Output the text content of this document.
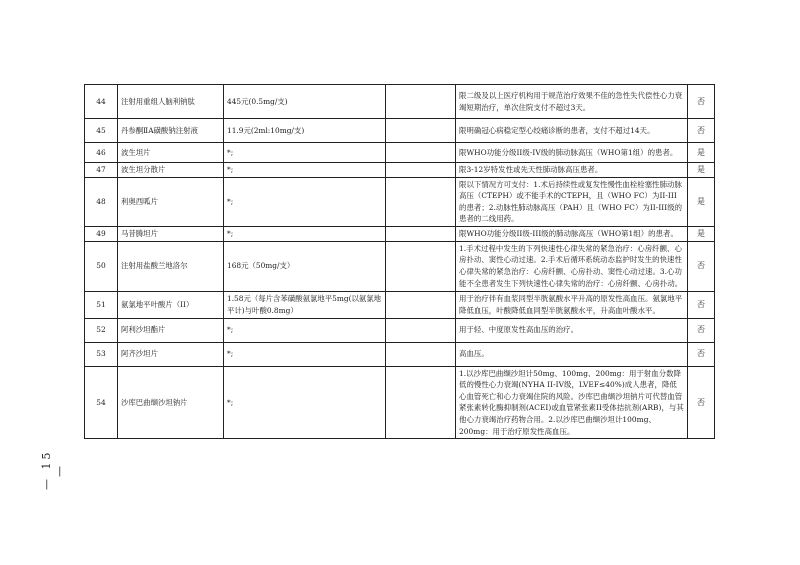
44	注射用重组人脑利钠肽	445元(0.5mg/支)		限二级及以上医疗机构用于规范治疗效果不佳的急性失代偿性心力衰竭短期治疗，单次住院支付不超过3天。	否
45	丹参酮ⅡA磺酸钠注射液	11.9元(2ml:10mg/支)		限明确冠心病稳定型心绞痛诊断的患者，支付不超过14天。	否
46	波生坦片	*;		限WHO功能分级II级-IV级的肺动脉高压（WHO第1组）的患者。	是
47	波生坦分散片	*;		限3-12岁特发性或先天性肺动脉高压患者。	是
48	利奥西呱片	*;		限以下情况方可支付：1.术后持续性或复发性慢性血栓栓塞性肺动脉高压（CTEPH）或不能手术的CTEPH，且（WHO FC）为II-III的患者；2.动脉性肺动脉高压（PAH）且（WHO FC）为II-III级的患者的二线用药。	是
49	马昔腾坦片	*;		限WHO功能分级II级-III级的肺动脉高压（WHO第1组）的患者。	是
50	注射用盐酸兰地洛尔	168元（50mg/支）		1.手术过程中发生的下列快速性心律失常的紧急治疗：心房纤颤、心房扑动、窦性心动过速。2.手术后循环系统动态监护时发生的快速性心律失常的紧急治疗：心房纤颤、心房扑动、窦性心动过速。3.心功能不全患者发生下列快速性心律失常的治疗：心房纤颤、心房扑动。	否
51	氨氯地平叶酸片（II）	1.58元（每片含苯磺酸氨氯地平5mg(以氨氯地平计)与叶酸0.8mg）		用于治疗伴有血浆同型半胱氨酸水平升高的原发性高血压。氨氯地平降低血压，叶酸降低血同型半胱氨酸水平，升高血叶酸水平。	否
52	阿利沙坦酯片	*;		用于轻、中度原发性高血压的治疗。	否
53	阿齐沙坦片	*;		高血压。	否
54	沙库巴曲缬沙坦钠片	*;		1.以沙库巴曲缬沙坦计50mg、100mg、200mg：用于射血分数降低的慢性心力衰竭(NYHA II-IV级，LVEF≤40%)成人患者，降低心血管死亡和心力衰竭住院的风险。沙库巴曲缬沙坦钠片可代替血管紧张素转化酶抑制剂(ACEI)或血管紧张素II受体拮抗剂(ARB)，与其他心力衰竭治疗药物合用。2.以沙库巴曲缬沙坦计100mg、200mg：用于治疗原发性高血压。	否
— 15 —
